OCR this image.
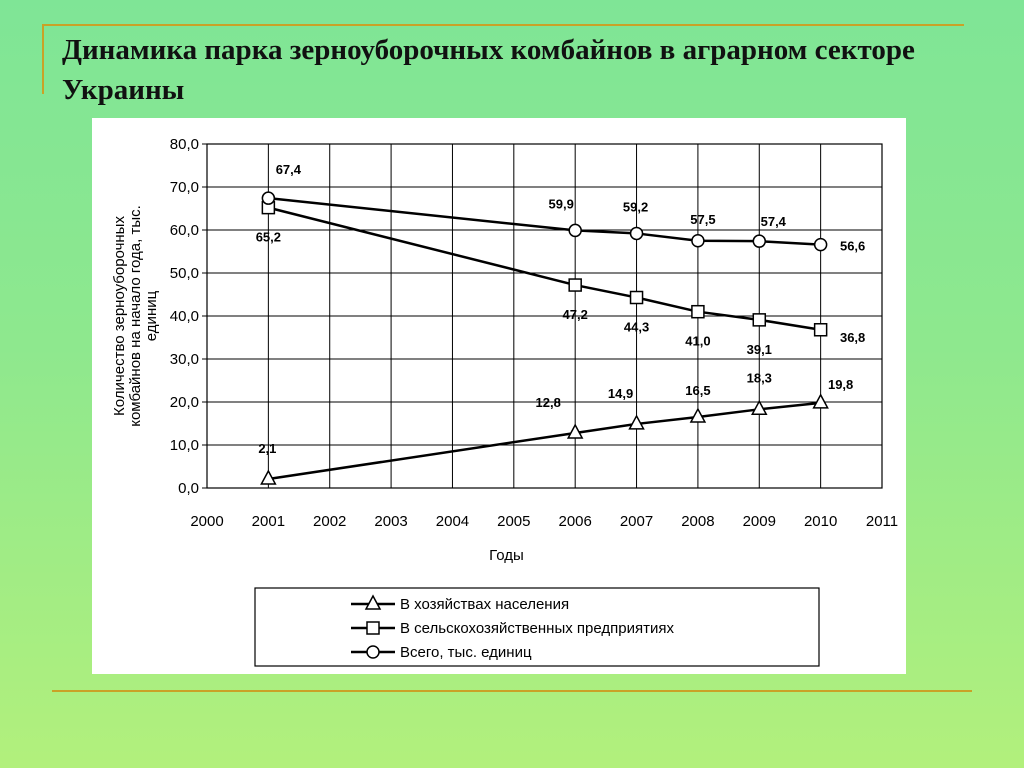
Динамика парка зерноуборочных комбайнов в аграрном секторе Украины
2000 2001 2002 2003 2004 2005 2006 2007 2008 2009 2010 2011
0,0
10,0
20,0
30,0
40,0
50,0
60,0
70,0
80,0
Количество зерноуборочныхкомбайнов на начало года, тыс.единиц
Годы
2,1
12,8
14,9	16,5
18,3	19,8
65,2
47,2
44,3
41,0
39,1
36,8
67,4
59,9	59,2
57,5	57,4
56,6
В хозяйствах населения
В сельскохозяйственных предприятиях
Всего, тыс. единиц
